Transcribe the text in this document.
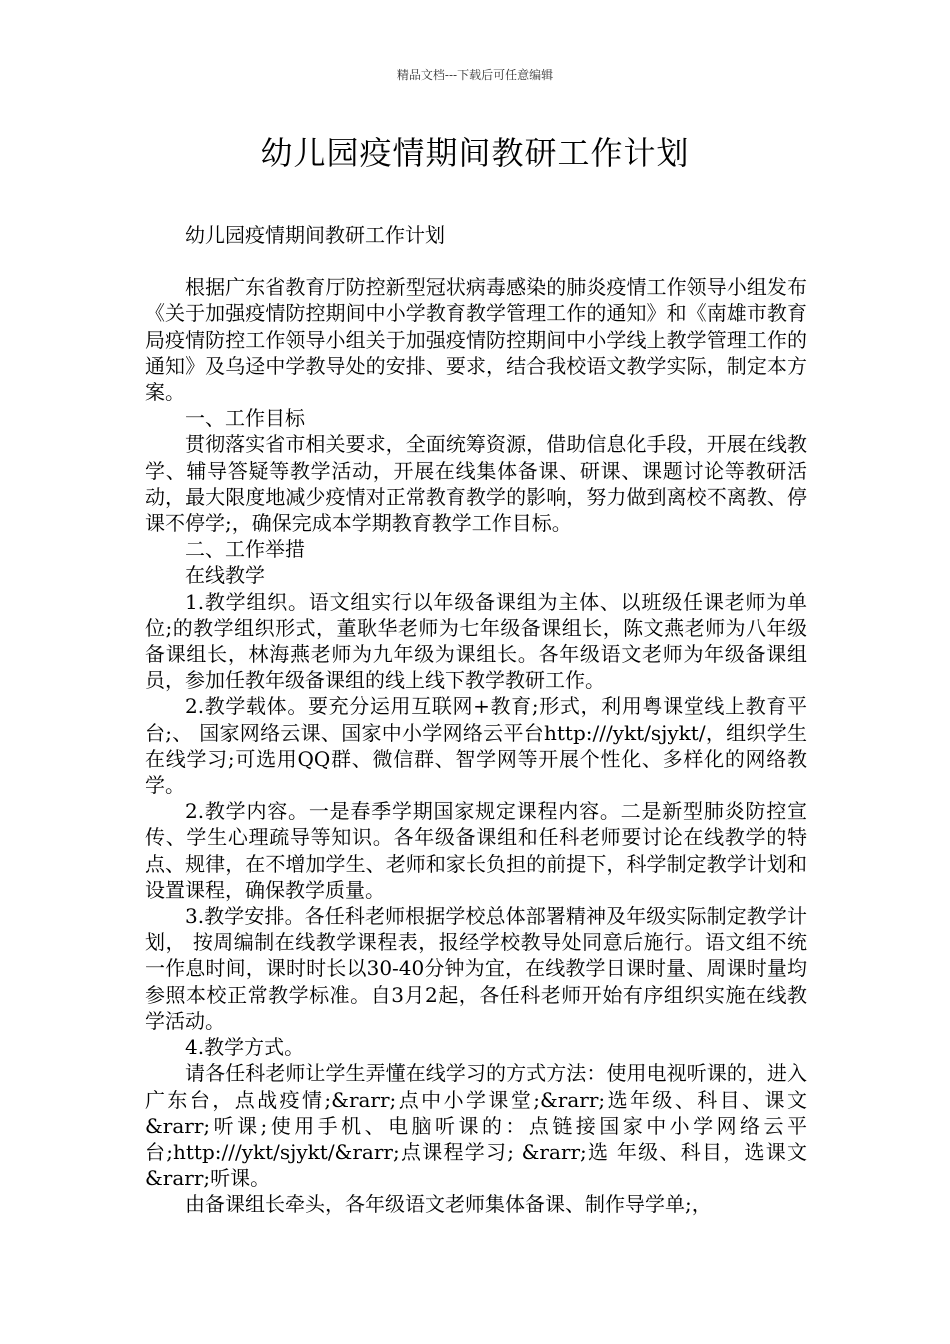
精品文档---下载后可任意编辑
幼儿园疫情期间教研工作计划

幼儿园疫情期间教研工作计划

根据广东省教育厅防控新型冠状病毒感染的肺炎疫情工作领导小组发布《关于加强疫情防控期间中小学教育教学管理工作的通知》和《南雄市教育局疫情防控工作领导小组关于加强疫情防控期间中小学线上教学管理工作的通知》及乌迳中学教导处的安排、要求，结合我校语文教学实际，制定本方案。

一、工作目标

贯彻落实省市相关要求，全面统筹资源，借助信息化手段，开展在线教学、辅导答疑等教学活动，开展在线集体备课、研课、课题讨论等教研活动，最大限度地减少疫情对正常教育教学的影响，努力做到离校不离教、停课不停学;，确保完成本学期教育教学工作目标。

二、工作举措

在线教学

1.教学组织。语文组实行以年级备课组为主体、以班级任课老师为单位;的教学组织形式，董耿华老师为七年级备课组长，陈文燕老师为八年级备课组长，林海燕老师为九年级为课组长。各年级语文老师为年级备课组员，参加任教年级备课组的线上线下教学教研工作。

2.教学载体。要充分运用互联网+教育;形式，利用粤课堂线上教育平台;、 国家网络云课、国家中小学网络云平台http:///ykt/sjykt/，组织学生在线学习;可选用QQ群、微信群、智学网等开展个性化、多样化的网络教学。

2.教学内容。一是春季学期国家规定课程内容。二是新型肺炎防控宣传、学生心理疏导等知识。各年级备课组和任科老师要讨论在线教学的特点、规律，在不增加学生、老师和家长负担的前提下，科学制定教学计划和设置课程，确保教学质量。

3.教学安排。各任科老师根据学校总体部署精神及年级实际制定教学计划， 按周编制在线教学课程表，报经学校教导处同意后施行。语文组不统一作息时间，课时时长以30-40分钟为宜，在线教学日课时量、周课时量均参照本校正常教学标准。自3月2起，各任科老师开始有序组织实施在线教学活动。

4.教学方式。

请各任科老师让学生弄懂在线学习的方式方法：使用电视听课的，进入广东台，点战疫情;&rarr;点中小学课堂;&rarr;选年级、科目、课文&rarr;听课;使用手机、电脑听课的：点链接国家中小学网络云平台;http:///ykt/sjykt/&rarr;点课程学习; &rarr;选 年级、科目，选课文&rarr;听课。

由备课组长牵头，各年级语文老师集体备课、制作导学单;，
